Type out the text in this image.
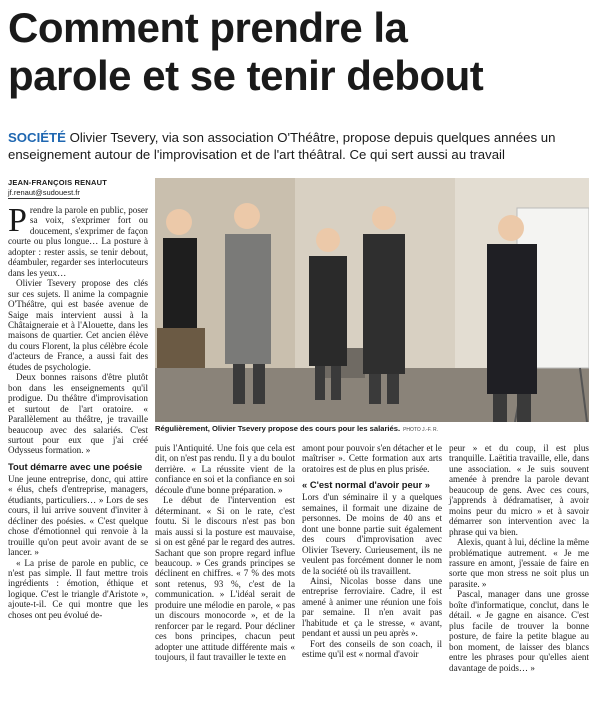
Comment prendre la
parole et se tenir debout
SOCIÉTÉ Olivier Tsevery, via son association O'Théâtre, propose depuis quelques années un enseignement autour de l'improvisation et de l'art théâtral. Ce qui sert aussi au travail
JEAN-FRANÇOIS RENAUT
jf.renaut@sudouest.fr

Prendre la parole en public, poser sa voix, s'exprimer fort ou doucement, s'exprimer de façon courte ou plus longue… La posture à adopter : rester assis, se tenir debout, déambuler, regarder ses interlocuteurs dans les yeux…

Olivier Tsevery propose des clés sur ces sujets. Il anime la compagnie O'Théâtre, qui est basée avenue de Saige mais intervient aussi à la Châtaigneraie et à l'Alouette, dans les maisons de quartier. Cet ancien élève du cours Florent, la plus célèbre école d'acteurs de France, a aussi fait des études de psychologie.

Deux bonnes raisons d'être plutôt bon dans les enseignements qu'il prodigue. Du théâtre d'improvisation et surtout de l'art oratoire. « Parallèlement au théâtre, je travaille beaucoup avec des salariés. C'est surtout pour eux que j'ai créé Odysseus formation. »

Tout démarre avec une poésie

Une jeune entreprise, donc, qui attire « élus, chefs d'entreprise, managers, étudiants, particuliers… » Lors de ses cours, il lui arrive souvent d'inviter à décliner des poésies. « C'est quelque chose d'émotionnel qui renvoie à la trouille qu'on peut avoir avant de se lancer. »

« La prise de parole en public, ce n'est pas simple. Il faut mettre trois ingrédients : émotion, éthique et logique. C'est le triangle d'Aristote », ajoute-t-il. Ce qui montre que les choses ont peu évolué de-

Régulièrement, Olivier Tsevery propose des cours pour les salariés. PHOTO J.-F. R.

puis l'Antiquité. Une fois que cela est dit, on n'est pas rendu. Il y a du boulot derrière. « La réussite vient de la confiance en soi et la confiance en soi découle d'une bonne préparation. »

Le début de l'intervention est déterminant. « Si on le rate, c'est foutu. Si le discours n'est pas bon mais aussi si la posture est mauvaise, si on est gêné par le regard des autres. Sachant que son propre regard influe beaucoup. » Ces grands principes se déclinent en chiffres. « 7 % des mots sont retenus, 93 %, c'est de la communication. » L'idéal serait de produire une mélodie en parole, « pas un discours monocorde », et de la renforcer par le regard. Pour décliner ces bons principes, chacun peut adopter une attitude différente mais « toujours, il faut travailler le texte en

amont pour pouvoir s'en détacher et le maîtriser ». Cette formation aux arts oratoires est de plus en plus prisée.

« C'est normal d'avoir peur »

Lors d'un séminaire il y a quelques semaines, il formait une dizaine de personnes. De moins de 40 ans et dont une bonne partie suit également des cours d'improvisation avec Olivier Tsevery. Curieusement, ils ne veulent pas forcément donner le nom de la société où ils travaillent.

Ainsi, Nicolas bosse dans une entreprise ferroviaire. Cadre, il est amené à animer une réunion une fois par semaine. Il n'en avait pas l'habitude et ça le stresse, « avant, pendant et aussi un peu après ».

Fort des conseils de son coach, il estime qu'il est « normal d'avoir

peur » et du coup, il est plus tranquille. Laëtitia travaille, elle, dans une association. « Je suis souvent amenée à prendre la parole devant beaucoup de gens. Avec ces cours, j'apprends à dédramatiser, à avoir moins peur du micro » et à savoir démarrer son intervention avec la phrase qui va bien.

Alexis, quant à lui, décline la même problématique autrement. « Je me rassure en amont, j'essaie de faire en sorte que mon stress ne soit plus un parasite. »

Pascal, manager dans une grosse boîte d'informatique, conclut, dans le détail. « Je gagne en aisance. C'est plus facile de trouver la bonne posture, de faire la petite blague au bon moment, de laisser des blancs entre les phrases pour qu'elles aient davantage de poids… »
